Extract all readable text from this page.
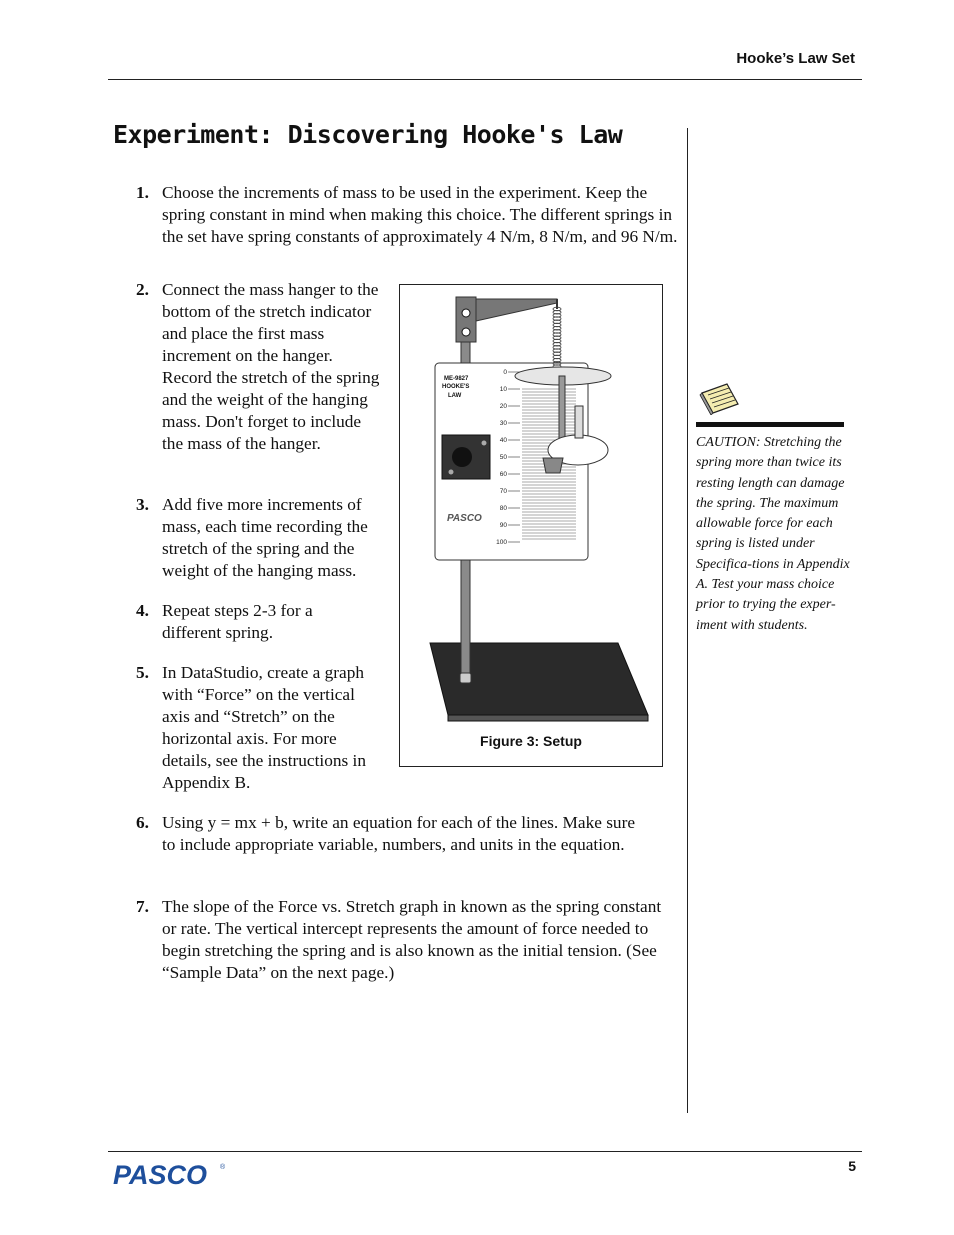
Hooke’s Law Set
Experiment: Discovering Hooke's Law
1. Choose the increments of mass to be used in the experiment. Keep the spring constant in mind when making this choice. The different springs in the set have spring constants of approximately 4 N/m, 8 N/m, and 96 N/m.
2. Connect the mass hanger to the bottom of the stretch indicator and place the first mass increment on the hanger. Record the stretch of the spring and the weight of the hanging mass. Don't forget to include the mass of the hanger.
3. Add five more increments of mass, each time recording the stretch of the spring and the weight of the hanging mass.
4. Repeat steps 2-3 for a different spring.
5. In DataStudio, create a graph with “Force” on the vertical axis and “Stretch” on the horizontal axis. For more details, see the instructions in Appendix B.
6. Using y = mx + b, write an equation for each of the lines. Make sure to include appropriate variable, numbers, and units in the equation.
7. The slope of the Force vs. Stretch graph in known as the spring constant or rate. The vertical intercept represents the amount of force needed to begin stretching the spring and is also known as the initial tension. (See “Sample Data” on the next page.)
0
10
20
30
40
50
60
70
80
90
100
ME-9827
HOOKE'S
LAW
PASCO
Figure 3: Setup
CAUTION: Stretching the spring more than twice its resting length can damage the spring. The maximum allowable force for each spring is listed under Specifica-tions in Appendix A. Test your mass choice prior to trying the exper-iment with students.
PASCO ®	5
